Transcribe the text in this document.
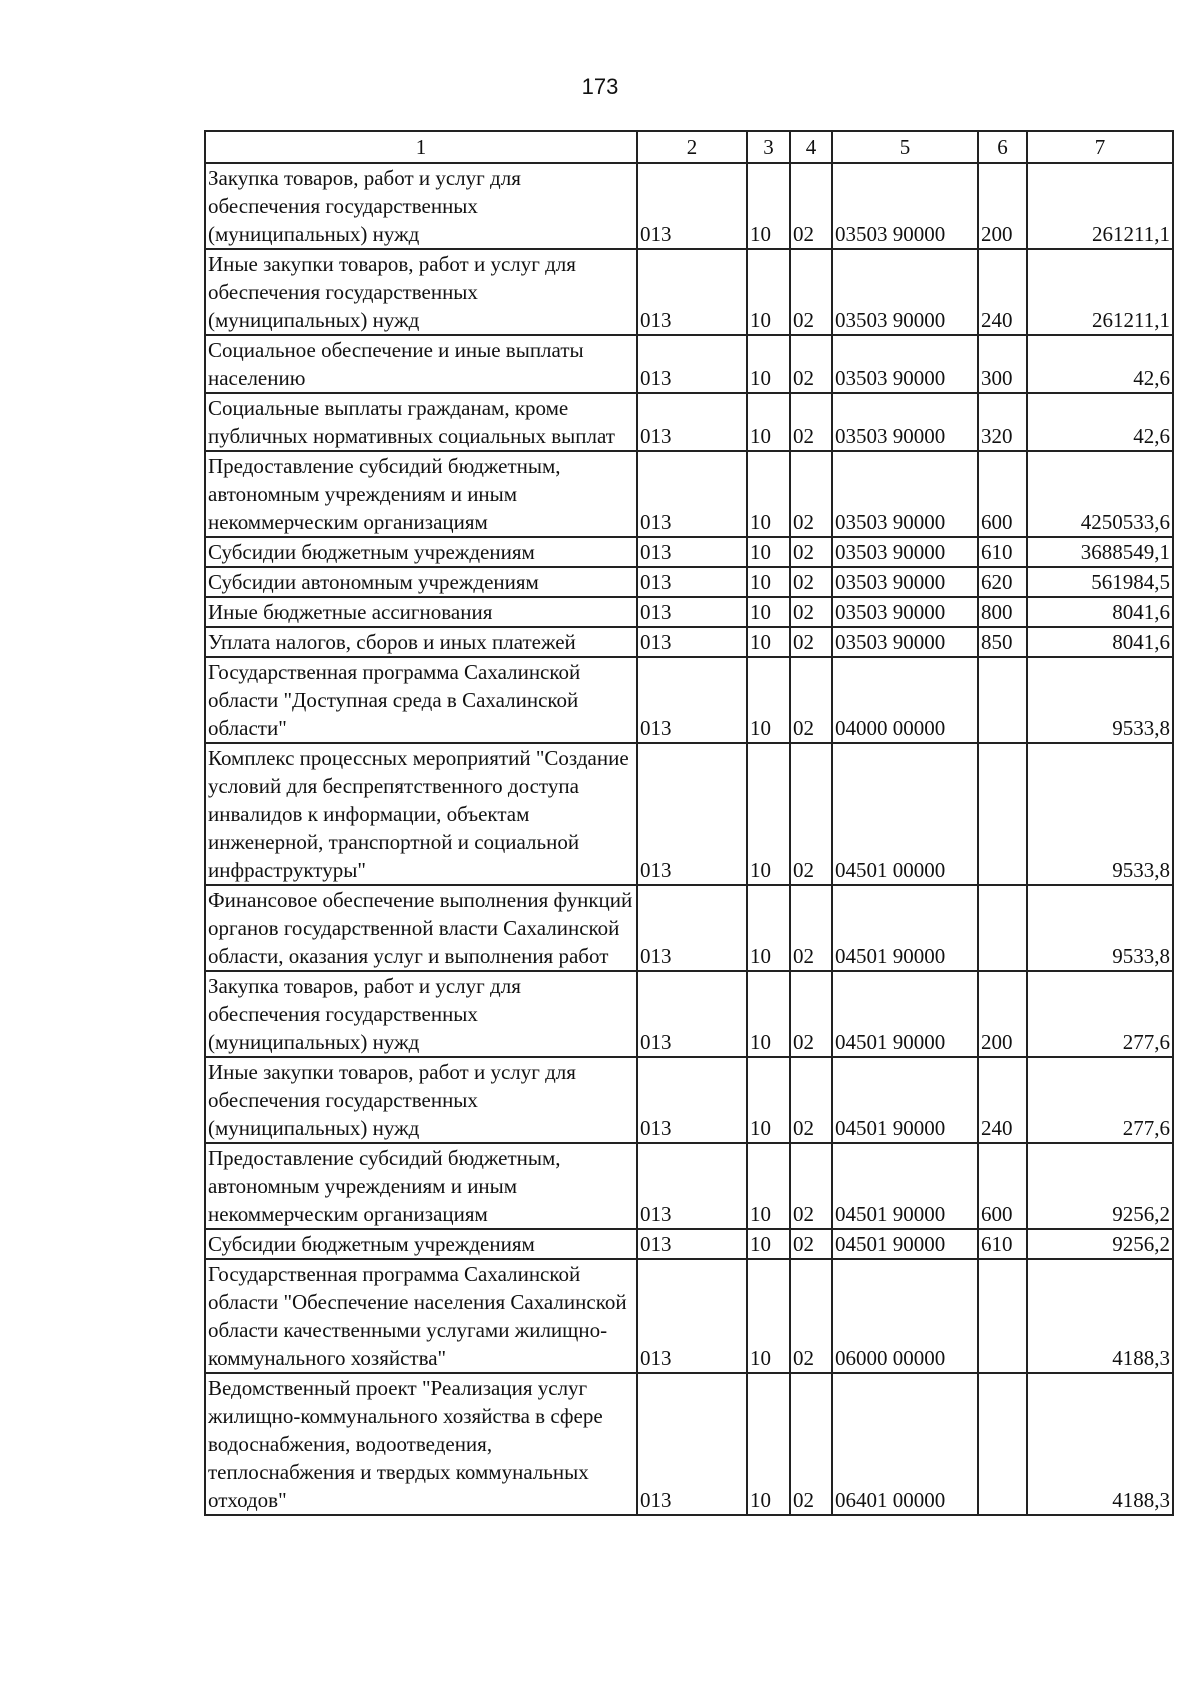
173
1	2	3	4	5	6	7
Закупка товаров, работ и услуг для обеспечения государственных (муниципальных) нужд	013	10	02	03503 90000	200	261211,1
Иные закупки товаров, работ и услуг для обеспечения государственных (муниципальных) нужд	013	10	02	03503 90000	240	261211,1
Социальное обеспечение и иные выплаты населению	013	10	02	03503 90000	300	42,6
Социальные выплаты гражданам, кроме публичных нормативных социальных выплат	013	10	02	03503 90000	320	42,6
Предоставление субсидий бюджетным, автономным учреждениям и иным некоммерческим организациям	013	10	02	03503 90000	600	4250533,6
Субсидии бюджетным учреждениям	013	10	02	03503 90000	610	3688549,1
Субсидии автономным учреждениям	013	10	02	03503 90000	620	561984,5
Иные бюджетные ассигнования	013	10	02	03503 90000	800	8041,6
Уплата налогов, сборов и иных платежей	013	10	02	03503 90000	850	8041,6
Государственная программа Сахалинской области "Доступная среда в Сахалинской области"	013	10	02	04000 00000		9533,8
Комплекс процессных мероприятий "Создание условий для беспрепятственного доступа инвалидов к информации, объектам инженерной, транспортной и социальной инфраструктуры"	013	10	02	04501 00000		9533,8
Финансовое обеспечение выполнения функций органов государственной власти Сахалинской области, оказания услуг и выполнения работ	013	10	02	04501 90000		9533,8
Закупка товаров, работ и услуг для обеспечения государственных (муниципальных) нужд	013	10	02	04501 90000	200	277,6
Иные закупки товаров, работ и услуг для обеспечения государственных (муниципальных) нужд	013	10	02	04501 90000	240	277,6
Предоставление субсидий бюджетным, автономным учреждениям и иным некоммерческим организациям	013	10	02	04501 90000	600	9256,2
Субсидии бюджетным учреждениям	013	10	02	04501 90000	610	9256,2
Государственная программа Сахалинской области "Обеспечение населения Сахалинской области качественными услугами жилищно-коммунального хозяйства"	013	10	02	06000 00000		4188,3
Ведомственный проект "Реализация услуг жилищно-коммунального хозяйства в сфере водоснабжения, водоотведения, теплоснабжения и твердых коммунальных отходов"	013	10	02	06401 00000		4188,3
